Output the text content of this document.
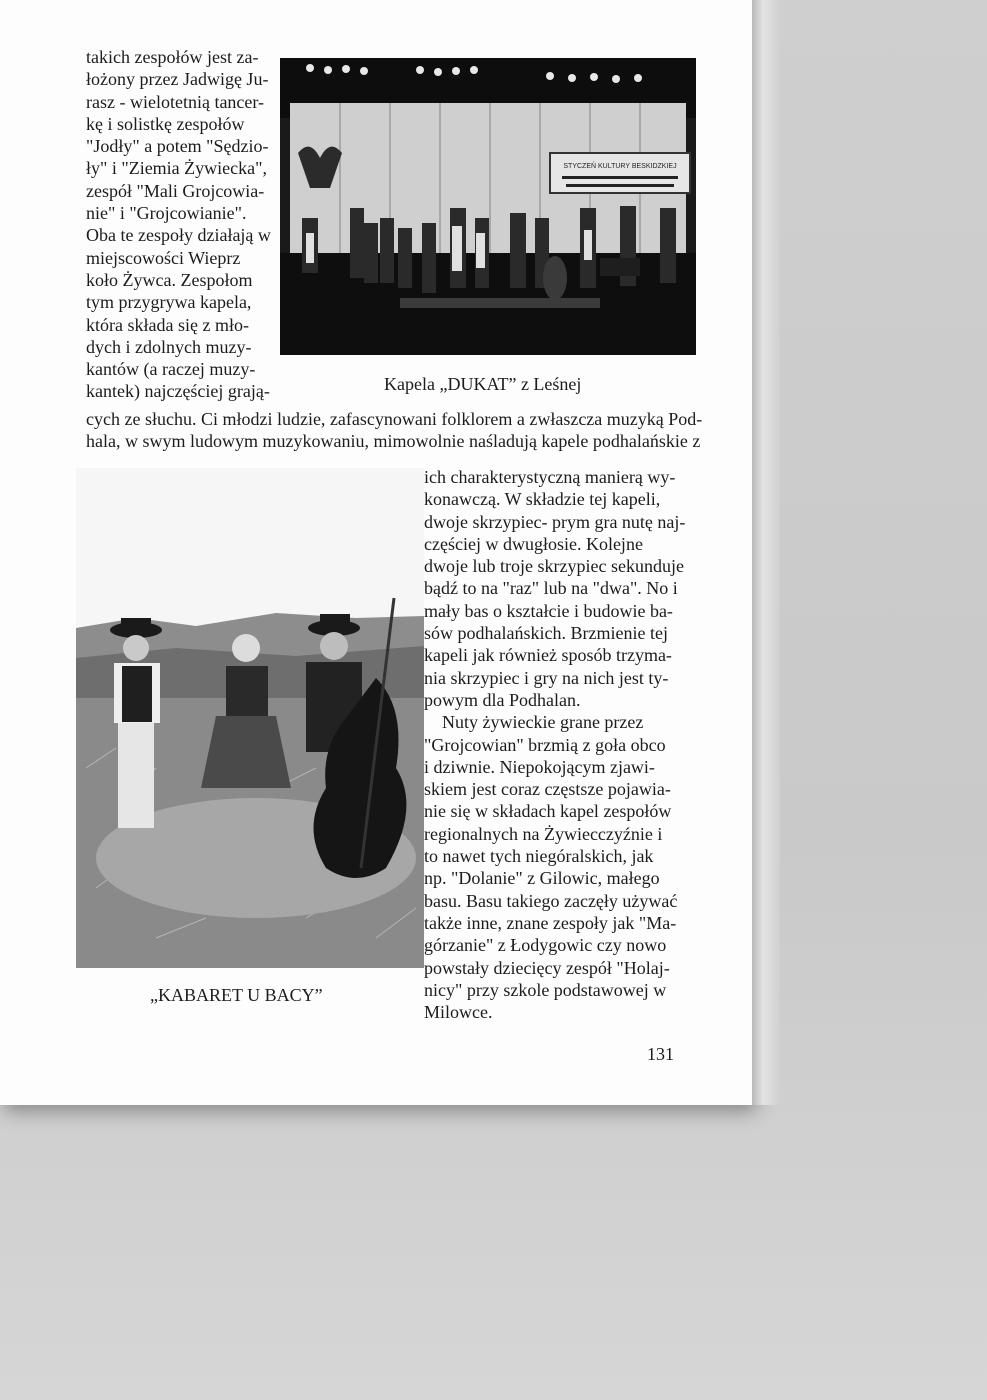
takich zespołów jest za-
łożony przez Jadwigę Ju-
rasz - wielotetnią tancer-
kę i solistkę zespołów
"Jodły" a potem "Sędzio-
ły" i "Ziemia Żywiecka",
zespół "Mali Grojcowia-
nie" i "Grojcowianie".
Oba te zespoły działają w
miejscowości Wieprz
koło Żywca. Zespołom
tym przygrywa kapela,
która składa się z mło-
dych i zdolnych muzy-
kantów (a raczej muzy-
kantek) najczęściej grają-
STYCZEŃ KULTURY BESKIDZKIEJ
Kapela „DUKAT” z Leśnej
cych ze słuchu. Ci młodzi ludzie, zafascynowani folklorem a zwłaszcza muzyką Pod-
hala, w swym ludowym muzykowaniu, mimowolnie naśladują kapele podhalańskie z
ich charakterystyczną manierą wy-
konawczą. W składzie tej kapeli,
dwoje skrzypiec- prym gra nutę naj-
częściej w dwugłosie. Kolejne
dwoje lub troje skrzypiec sekunduje
bądź to na "raz" lub na "dwa". No i
mały bas o kształcie i budowie ba-
sów podhalańskich. Brzmienie tej
kapeli jak również sposób trzyma-
nia skrzypiec i gry na nich jest ty-
powym dla Podhalan.
Nuty żywieckie grane przez
"Grojcowian" brzmią z goła obco
i dziwnie. Niepokojącym zjawi-
skiem jest coraz częstsze pojawia-
nie się w składach kapel zespołów
regionalnych na Żywiecczyźnie i
to nawet tych niegóralskich, jak
np. "Dolanie" z Gilowic, małego
basu. Basu takiego zaczęły używać
także inne, znane zespoły jak "Ma-
górzanie" z Łodygowic czy nowo
powstały dziecięcy zespół "Holaj-
nicy" przy szkole podstawowej w
Milowce.
„KABARET U BACY”
131
